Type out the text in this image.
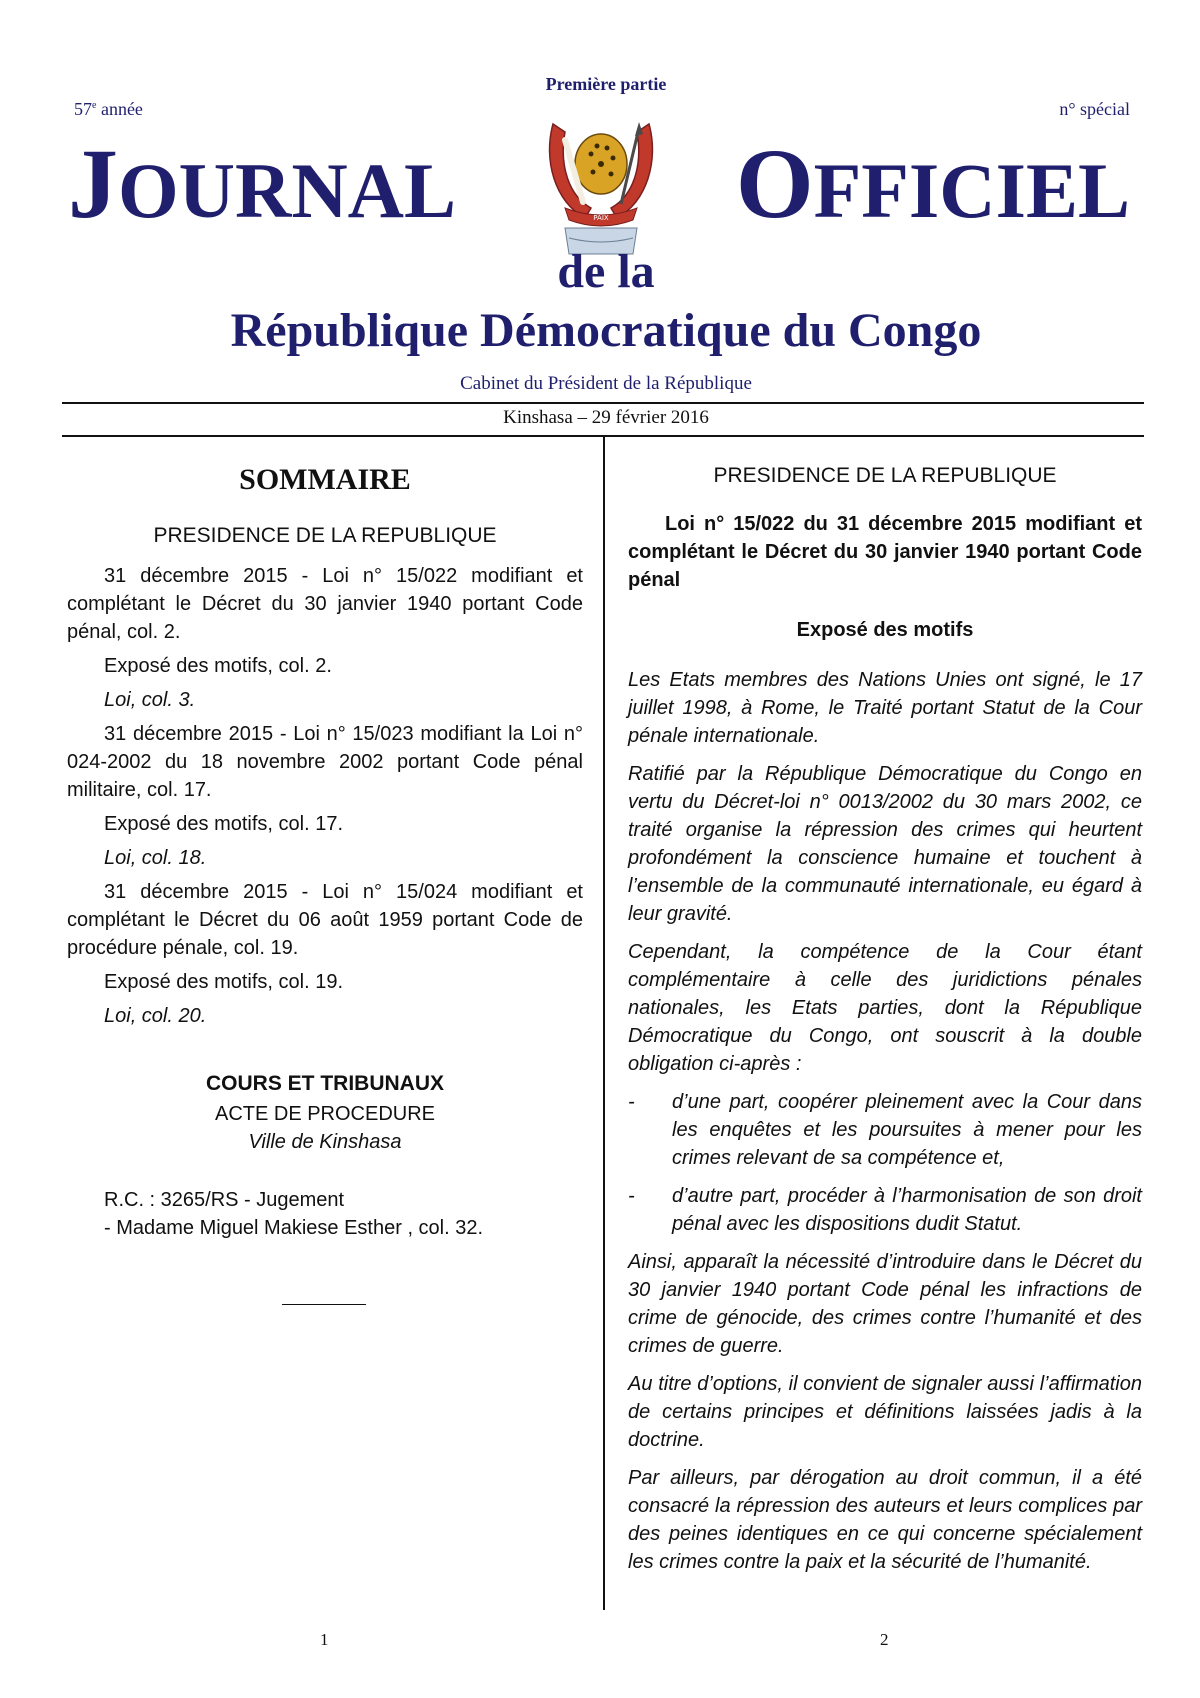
Première partie
57e année	n° spécial
JOURNAL	OFFICIEL
PAIX
de la
République Démocratique du Congo
Cabinet du Président de la République
Kinshasa – 29 février 2016
SOMMAIRE
PRESIDENCE DE LA REPUBLIQUE

31 décembre 2015 - Loi n° 15/022 modifiant et complétant le Décret du 30 janvier 1940 portant Code pénal, col. 2.

Exposé des motifs, col. 2.

Loi, col. 3.

31 décembre 2015 - Loi n° 15/023 modifiant la Loi n° 024-2002 du 18 novembre 2002 portant Code pénal militaire, col. 17.

Exposé des motifs, col. 17.

Loi, col. 18.

31 décembre 2015 - Loi n° 15/024 modifiant et complétant le Décret du 06 août 1959 portant Code de procédure pénale, col. 19.

Exposé des motifs, col. 19.

Loi, col. 20.

COURS ET TRIBUNAUX

ACTE DE PROCEDURE

Ville de Kinshasa

R.C. : 3265/RS - Jugement

- Madame Miguel Makiese Esther , col. 32.

PRESIDENCE DE LA REPUBLIQUE

Loi n° 15/022 du 31 décembre 2015 modifiant et complétant le Décret du 30 janvier 1940 portant Code pénal

Exposé des motifs

Les Etats membres des Nations Unies ont signé, le 17 juillet 1998, à Rome, le Traité portant Statut de la Cour pénale internationale.

Ratifié par la République Démocratique du Congo en vertu du Décret-loi n° 0013/2002 du 30 mars 2002, ce traité organise la répression des crimes qui heurtent profondément la conscience humaine et touchent à l’ensemble de la communauté internationale, eu égard à leur gravité.

Cependant, la compétence de la Cour étant complémentaire à celle des juridictions pénales nationales, les Etats parties, dont la République Démocratique du Congo, ont souscrit à la double obligation ci-après :

-	d’une part, coopérer pleinement avec la Cour dans les enquêtes et les poursuites à mener pour les crimes relevant de sa compétence et,
-	d’autre part, procéder à l’harmonisation de son droit pénal avec les dispositions dudit Statut.

Ainsi, apparaît la nécessité d’introduire dans le Décret du 30 janvier 1940 portant Code pénal les infractions de crime de génocide, des crimes contre l’humanité et des crimes de guerre.

Au titre d’options, il convient de signaler aussi l’affirmation de certains principes et définitions laissées jadis à la doctrine.

Par ailleurs, par dérogation au droit commun, il a été consacré la répression des auteurs et leurs complices par des peines identiques en ce qui concerne spécialement les crimes contre la paix et la sécurité de l’humanité.

1	2
